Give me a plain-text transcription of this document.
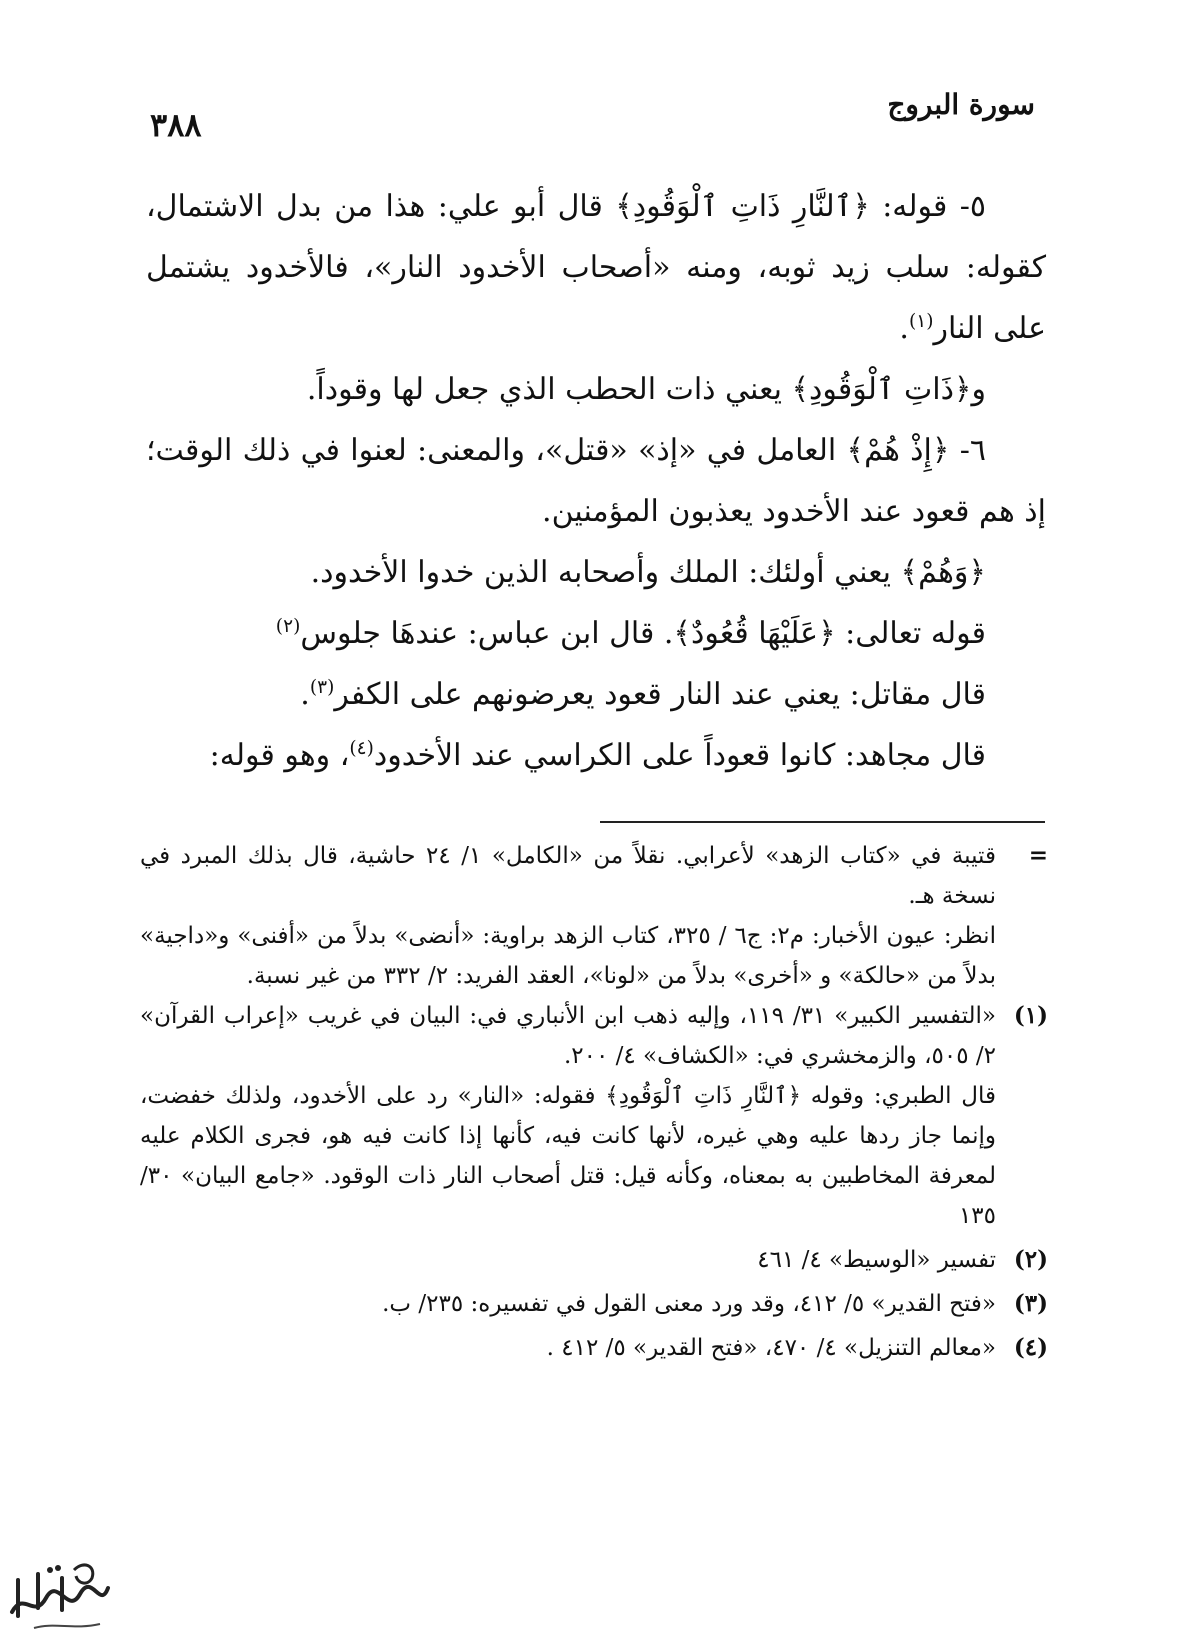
٣٨٨
سورة البروج

٥- قوله: ﴿ٱلنَّارِ ذَاتِ ٱلْوَقُودِ﴾ قال أبو علي: هذا من بدل الاشتمال، كقوله: سلب زيد ثوبه، ومنه «أصحاب الأخدود النار»، فالأخدود يشتمل على النار$^{(١)}$.

و﴿ذَاتِ ٱلْوَقُودِ﴾ يعني ذات الحطب الذي جعل لها وقوداً.

٦- ﴿إِذْ هُمْ﴾ العامل في «إذ» «قتل»، والمعنى: لعنوا في ذلك الوقت؛ إذ هم قعود عند الأخدود يعذبون المؤمنين.

﴿وَهُمْ﴾ يعني أولئك: الملك وأصحابه الذين خدوا الأخدود.

قوله تعالى: ﴿عَلَيْهَا قُعُودٌ﴾. قال ابن عباس: عندهَا جلوس$^{(٢)}$

قال مقاتل: يعني عند النار قعود يعرضونهم على الكفر$^{(٣)}$.

قال مجاهد: كانوا قعوداً على الكراسي عند الأخدود$^{(٤)}$، وهو قوله:

=

قتيبة في «كتاب الزهد» لأعرابي. نقلاً من «الكامل» ١/ ٢٤ حاشية، قال بذلك المبرد في نسخة هـ.

انظر: عيون الأخبار: م٢: ج٦ / ٣٢٥، كتاب الزهد براوية: «أنضى» بدلاً من «أفنى» و«داجية» بدلاً من «حالكة» و «أخرى» بدلاً من «لونا»، العقد الفريد: ٢/ ٣٣٢ من غير نسبة.

(١)

«التفسير الكبير» ٣١/ ١١٩، وإليه ذهب ابن الأنباري في: البيان في غريب «إعراب القرآن» ٢/ ٥٠٥، والزمخشري في: «الكشاف» ٤/ ٢٠٠.

قال الطبري: وقوله ﴿ٱلنَّارِ ذَاتِ ٱلْوَقُودِ﴾ فقوله: «النار» رد على الأخدود، ولذلك خفضت، وإنما جاز ردها عليه وهي غيره، لأنها كانت فيه، كأنها إذا كانت فيه هو، فجرى الكلام عليه لمعرفة المخاطبين به بمعناه، وكأنه قيل: قتل أصحاب النار ذات الوقود. «جامع البيان» ٣٠/ ١٣٥

(٢)

تفسير «الوسيط» ٤/ ٤٦١

(٣)

«فتح القدير» ٥/ ٤١٢، وقد ورد معنى القول في تفسيره: ٢٣٥/ ب.

(٤)

«معالم التنزيل» ٤/ ٤٧٠، «فتح القدير» ٥/ ٤١٢ .
